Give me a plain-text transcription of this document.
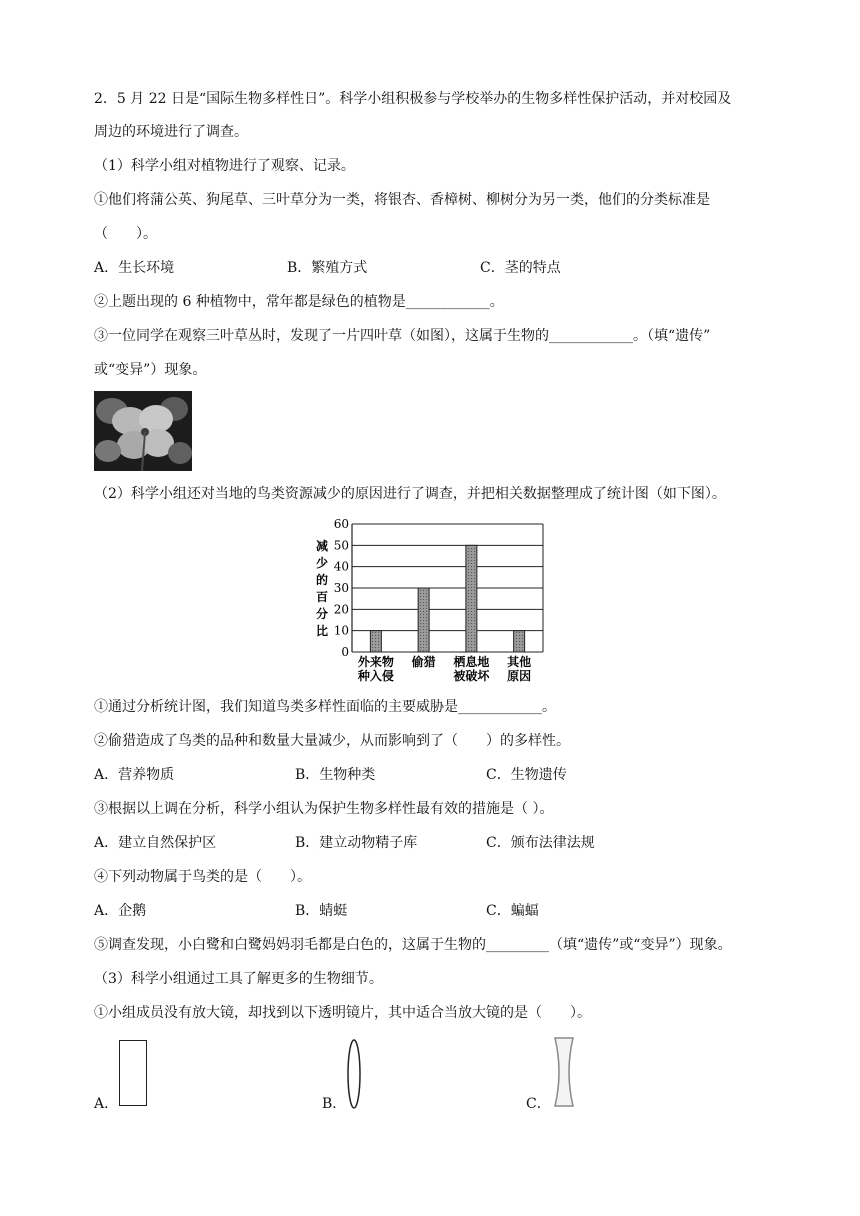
2．5 月 22 日是“国际生物多样性日”。科学小组积极参与学校举办的生物多样性保护活动，并对校园及
周边的环境进行了调查。
（1）科学小组对植物进行了观察、记录。
①他们将蒲公英、狗尾草、三叶草分为一类，将银杏、香樟树、柳树分为另一类，他们的分类标准是
（　　）。
A．生长环境	B．繁殖方式	C．茎的特点
②上题出现的 6 种植物中，常年都是绿色的植物是____________。
③一位同学在观察三叶草丛时，发现了一片四叶草（如图），这属于生物的____________。（填“遗传”
或“变异”）现象。
（2）科学小组还对当地的鸟类资源减少的原因进行了调查，并把相关数据整理成了统计图（如下图）。
0
10
20
30
40
50
60
减
少
的
百
分
比
外来物
种入侵
偷猎 栖息地
被破坏
其他
原因
①通过分析统计图，我们知道鸟类多样性面临的主要威胁是____________。
②偷猎造成了鸟类的品种和数量大量减少，从而影响到了（　　）的多样性。
A．营养物质	B．生物种类	C．生物遗传
③根据以上调在分析，科学小组认为保护生物多样性最有效的措施是（ ）。
A．建立自然保护区	B．建立动物精子库	C．颁布法律法规
④下列动物属于鸟类的是（　　）。
A．企鹅	B．蜻蜓	C．蝙蝠
⑤调查发现，小白鹭和白鹭妈妈羽毛都是白色的，这属于生物的_________（填“遗传”或“变异”）现象。
（3）科学小组通过工具了解更多的生物细节。
①小组成员没有放大镜，却找到以下透明镜片，其中适合当放大镜的是（　　）。
A．	B．	C．
